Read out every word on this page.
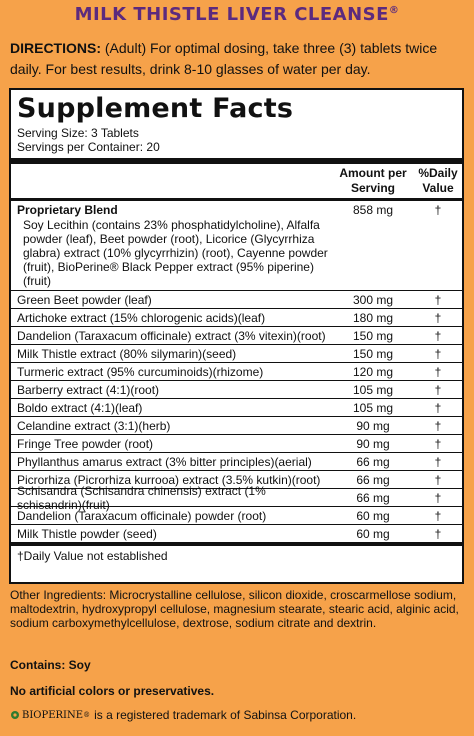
MILK THISTLE LIVER CLEANSE®
DIRECTIONS: (Adult) For optimal dosing, take three (3) tablets twice daily. For best results, drink 8-10 glasses of water per day.
Supplement Facts
Serving Size: 3 Tablets
Servings per Container: 20
Amount per Serving
%Daily Value
Proprietary Blend	858 mg	†
Soy Lecithin (contains 23% phosphatidylcholine), Alfalfa powder (leaf), Beet powder (root), Licorice (Glycyrrhiza glabra) extract (10% glycyrrhizin) (root), Cayenne powder (fruit), BioPerine® Black Pepper extract (95% piperine)(fruit)
Green Beet powder (leaf)	300 mg	†
Artichoke extract (15% chlorogenic acids)(leaf)	180 mg	†
Dandelion (Taraxacum officinale) extract (3% vitexin)(root)	150 mg	†
Milk Thistle extract (80% silymarin)(seed)	150 mg	†
Turmeric extract (95% curcuminoids)(rhizome)	120 mg	†
Barberry extract (4:1)(root)	105 mg	†
Boldo extract (4:1)(leaf)	105 mg	†
Celandine extract (3:1)(herb)	90 mg	†
Fringe Tree powder (root)	90 mg	†
Phyllanthus amarus extract (3% bitter principles)(aerial)	66 mg	†
Picrorhiza (Picrorhiza kurrooa) extract (3.5% kutkin)(root)	66 mg	†
Schisandra (Schisandra chinensis) extract (1% schisandrin)(fruit)	66 mg	†
Dandelion (Taraxacum officinale) powder (root)	60 mg	†
Milk Thistle powder (seed)	60 mg	†
†Daily Value not established
Other Ingredients: Microcrystalline cellulose, silicon dioxide, croscarmellose sodium, maltodextrin, hydroxypropyl cellulose, magnesium stearate, stearic acid, alginic acid, sodium carboxymethylcellulose, dextrose, sodium citrate and dextrin.
Contains: Soy
No artificial colors or preservatives.
BIOPERINE ® is a registered trademark of Sabinsa Corporation.
